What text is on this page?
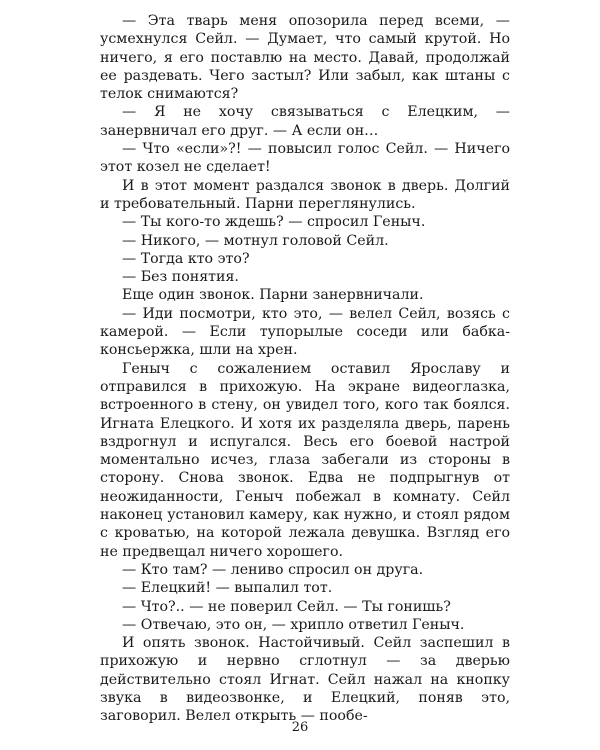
— Эта тварь меня опозорила перед всеми, — усмехнулся Сейл. — Думает, что самый крутой. Но ничего, я его поставлю на место. Давай, продолжай ее раздевать. Чего застыл? Или забыл, как штаны с телок снимаются?

— Я не хочу связываться с Елецким, — занервничал его друг. — А если он…

— Что «если»?! — повысил голос Сейл. — Ничего этот козел не сделает!

И в этот момент раздался звонок в дверь. Долгий и требовательный. Парни переглянулись.

— Ты кого-то ждешь? — спросил Геныч.

— Никого, — мотнул головой Сейл.

— Тогда кто это?

— Без понятия.

Еще один звонок. Парни занервничали.

— Иди посмотри, кто это, — велел Сейл, возясь с камерой. — Если тупорылые соседи или бабка-консьержка, шли на хрен.

Геныч с сожалением оставил Ярославу и отправился в прихожую. На экране видеоглазка, встроенного в стену, он увидел того, кого так боялся. Игната Елецкого. И хотя их разделяла дверь, парень вздрогнул и испугался. Весь его боевой настрой моментально исчез, глаза забегали из стороны в сторону. Снова звонок. Едва не подпрыгнув от неожиданности, Геныч побежал в комнату. Сейл наконец установил камеру, как нужно, и стоял рядом с кроватью, на которой лежала девушка. Взгляд его не предвещал ничего хорошего.

— Кто там? — лениво спросил он друга.

— Елецкий! — выпалил тот.

— Что?.. — не поверил Сейл. — Ты гонишь?

— Отвечаю, это он, — хрипло ответил Геныч.

И опять звонок. Настойчивый. Сейл заспешил в прихожую и нервно сглотнул — за дверью действительно стоял Игнат. Сейл нажал на кнопку звука в видеозвонке, и Елецкий, поняв это, заговорил. Велел открыть — пообе-

26
